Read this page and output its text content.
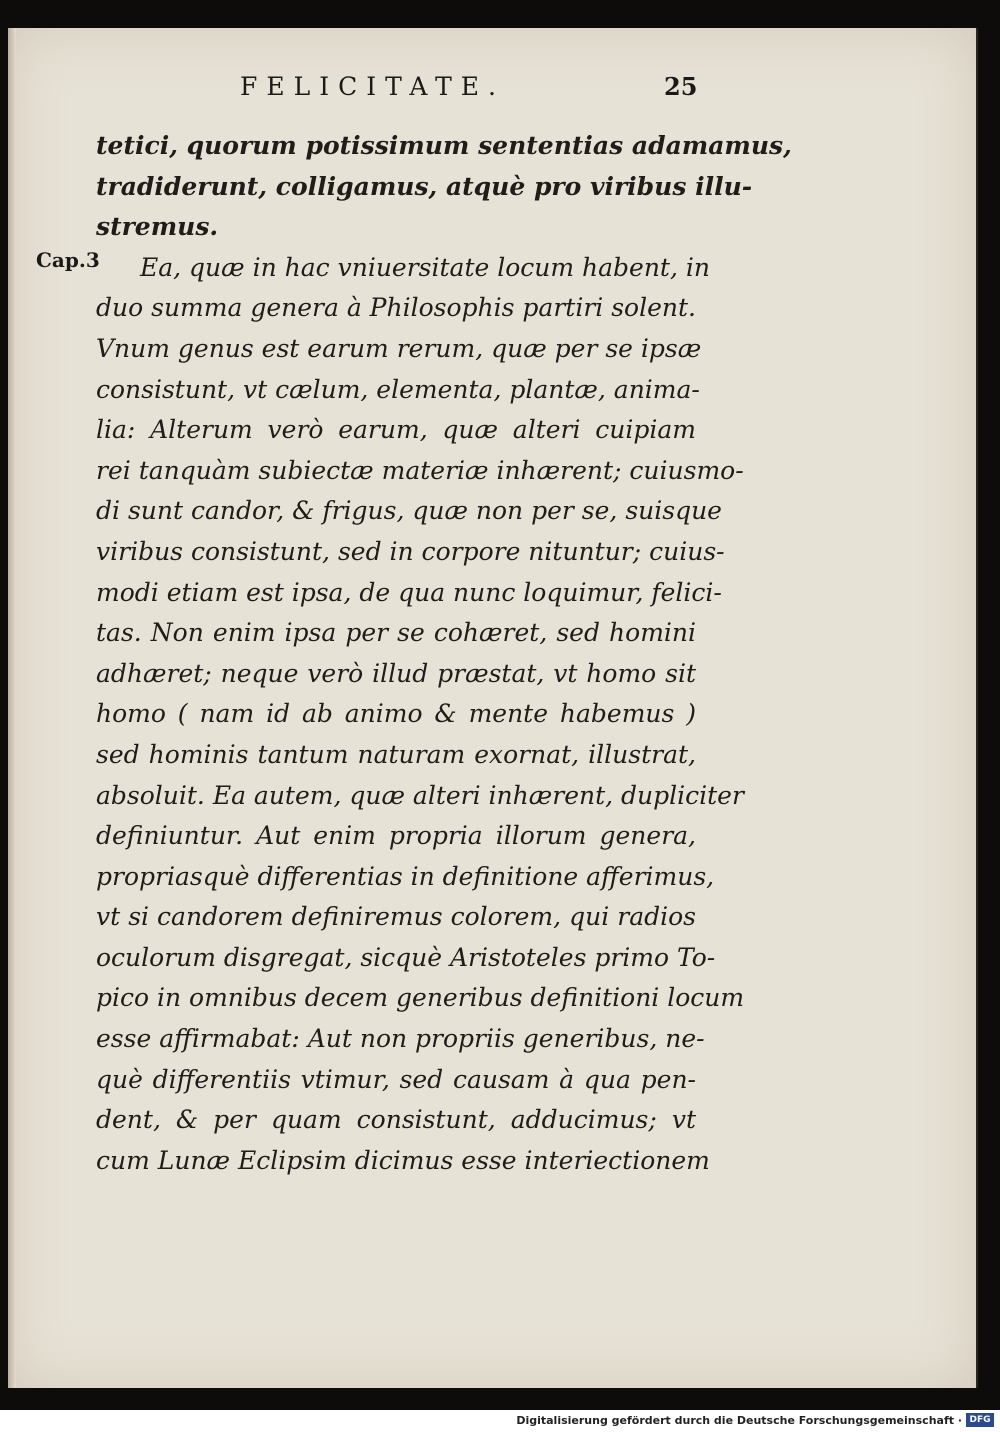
FELICITATE.	25
Cap.3
tetici, quorum potissimum sententias adamamus,
tradiderunt, colligamus, atquè pro viribus illu-
stremus.
Ea, quæ in hac vniuersitate locum habent, in
duo summa genera à Philosophis partiri solent.
Vnum genus est earum rerum, quæ per se ipsæ
consistunt, vt cælum, elementa, plantæ, anima-
lia: Alterum verò earum, quæ alteri cuipiam
rei tanquàm subiectæ materiæ inhærent; cuiusmo-
di sunt candor, & frigus, quæ non per se, suisque
viribus consistunt, sed in corpore nituntur; cuius-
modi etiam est ipsa, de qua nunc loquimur, felici-
tas. Non enim ipsa per se cohæret, sed homini
adhæret; neque verò illud præstat, vt homo sit
homo ( nam id ab animo & mente habemus )
sed hominis tantum naturam exornat, illustrat,
absoluit. Ea autem, quæ alteri inhærent, dupliciter
definiuntur. Aut enim propria illorum genera,
propriasquè differentias in definitione afferimus,
vt si candorem definiremus colorem, qui radios
oculorum disgregat, sicquè Aristoteles primo To-
pico in omnibus decem generibus definitioni locum
esse affirmabat: Aut non propriis generibus, ne-
què differentiis vtimur, sed causam à qua pen-
dent, & per quam consistunt, adducimus; vt
cum Lunæ Eclipsim dicimus esse interiectionem
Digitalisierung gefördert durch die Deutsche Forschungsgemeinschaft · DFG
